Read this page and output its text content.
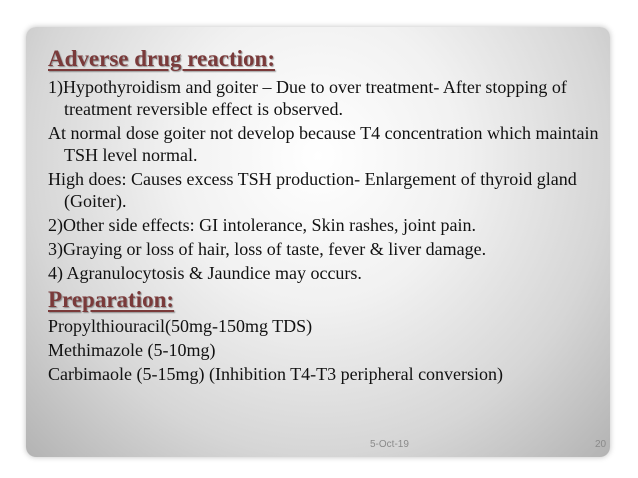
Adverse drug reaction:

1)Hypothyroidism and goiter – Due to over treatment- After stopping of treatment reversible effect is observed.

At normal dose goiter not develop because T4 concentration which maintain TSH level normal.

High does: Causes excess TSH production- Enlargement of thyroid gland (Goiter).

2)Other side effects: GI intolerance, Skin rashes, joint pain.

3)Graying or loss of hair, loss of taste, fever & liver damage.

4) Agranulocytosis & Jaundice may occurs.

Preparation:

Propylthiouracil(50mg-150mg TDS)

Methimazole (5-10mg)

Carbimaole (5-15mg) (Inhibition T4-T3 peripheral conversion)

5-Oct-19	20
